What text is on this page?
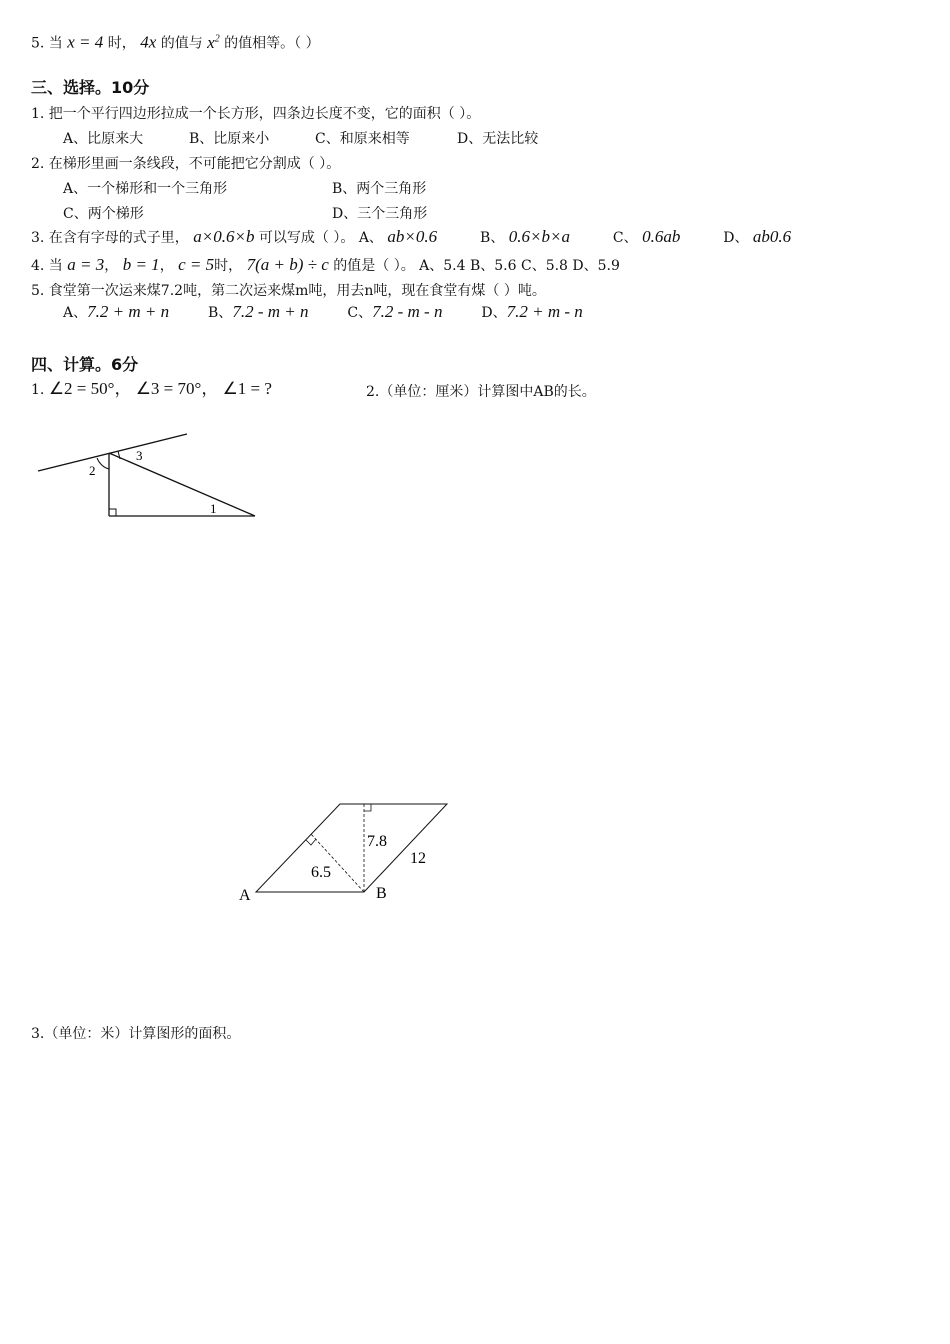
5. 当 x = 4 时， 4x 的值与 $x^2$ 的值相等。（ ）
三、选择。10分
1. 把一个平行四边形拉成一个长方形，四条边长度不变，它的面积（ ）。
A、比原来大	B、比原来小	C、和原来相等	D、无法比较
2. 在梯形里画一条线段，不可能把它分割成（ ）。
A、一个梯形和一个三角形	B、两个三角形
C、两个梯形	D、三个三角形
3. 在含有字母的式子里， a×0.6×b 可以写成（ ）。 A、 ab×0.6	B、 0.6×b×a	C、 0.6ab	D、 ab0.6
4. 当 a = 3， b = 1， c = 5时， 7(a + b) ÷ c 的值是（ ）。 A、5.4 B、5.6 C、5.8 D、5.9
5. 食堂第一次运来煤7.2吨，第二次运来煤m吨，用去n吨，现在食堂有煤（ ）吨。
A、7.2 + m + n	B、7.2 - m + n	C、7.2 - m - n	D、7.2 + m - n
四、计算。6分
1. ∠2 = 50°， ∠3 = 70°， ∠1 = ?	2.（单位：厘米）计算图中AB的长。
2
3
1
7.8
12
6.5
A	B
3.（单位：米）计算图形的面积。
